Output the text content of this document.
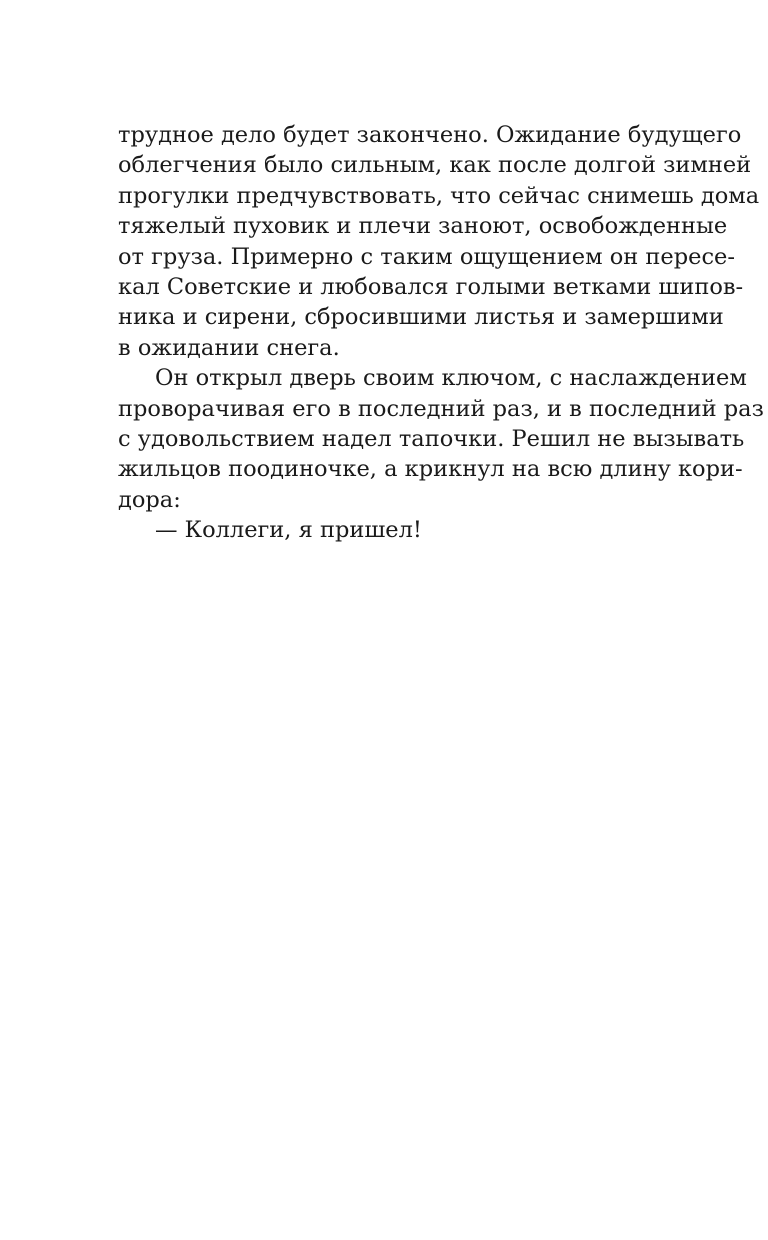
трудное дело будет закончено. Ожидание будущего
облегчения было сильным, как после долгой зимней
прогулки предчувствовать, что сейчас снимешь дома
тяжелый пуховик и плечи заноют, освобожденные
от груза. Примерно с таким ощущением он пересе-
кал Советские и любовался голыми ветками шипов-
ника и сирени, сбросившими листья и замершими
в ожидании снега.
Он открыл дверь своим ключом, с наслаждением
проворачивая его в последний раз, и в последний раз
с удовольствием надел тапочки. Решил не вызывать
жильцов поодиночке, а крикнул на всю длину кори-
дора:
— Коллеги, я пришел!
